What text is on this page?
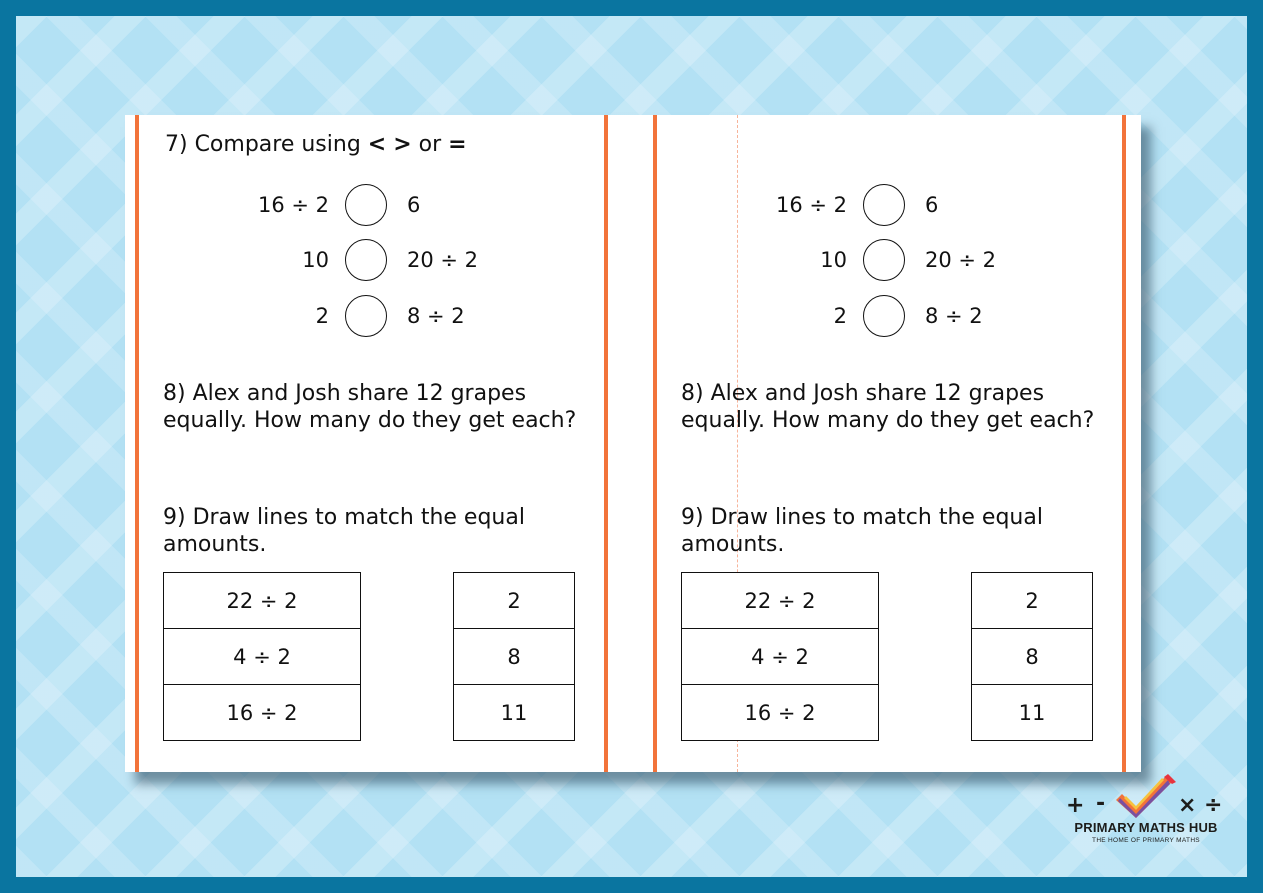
7) Compare using < > or =
16 ÷ 2	6
10	20 ÷ 2
2	8 ÷ 2
8) Alex and Josh share 12 grapes
equally. How many do they get each?
9) Draw lines to match the equal
amounts.
22 ÷ 2
4 ÷ 2
16 ÷ 2
2
8
11
16 ÷ 2	6
10	20 ÷ 2
2	8 ÷ 2
8) Alex and Josh share 12 grapes
equally. How many do they get each?
9) Draw lines to match the equal
amounts.
22 ÷ 2
4 ÷ 2
16 ÷ 2
2
8
11
+ -	× ÷
PRIMARY MATHS HUB
THE HOME OF PRIMARY MATHS
